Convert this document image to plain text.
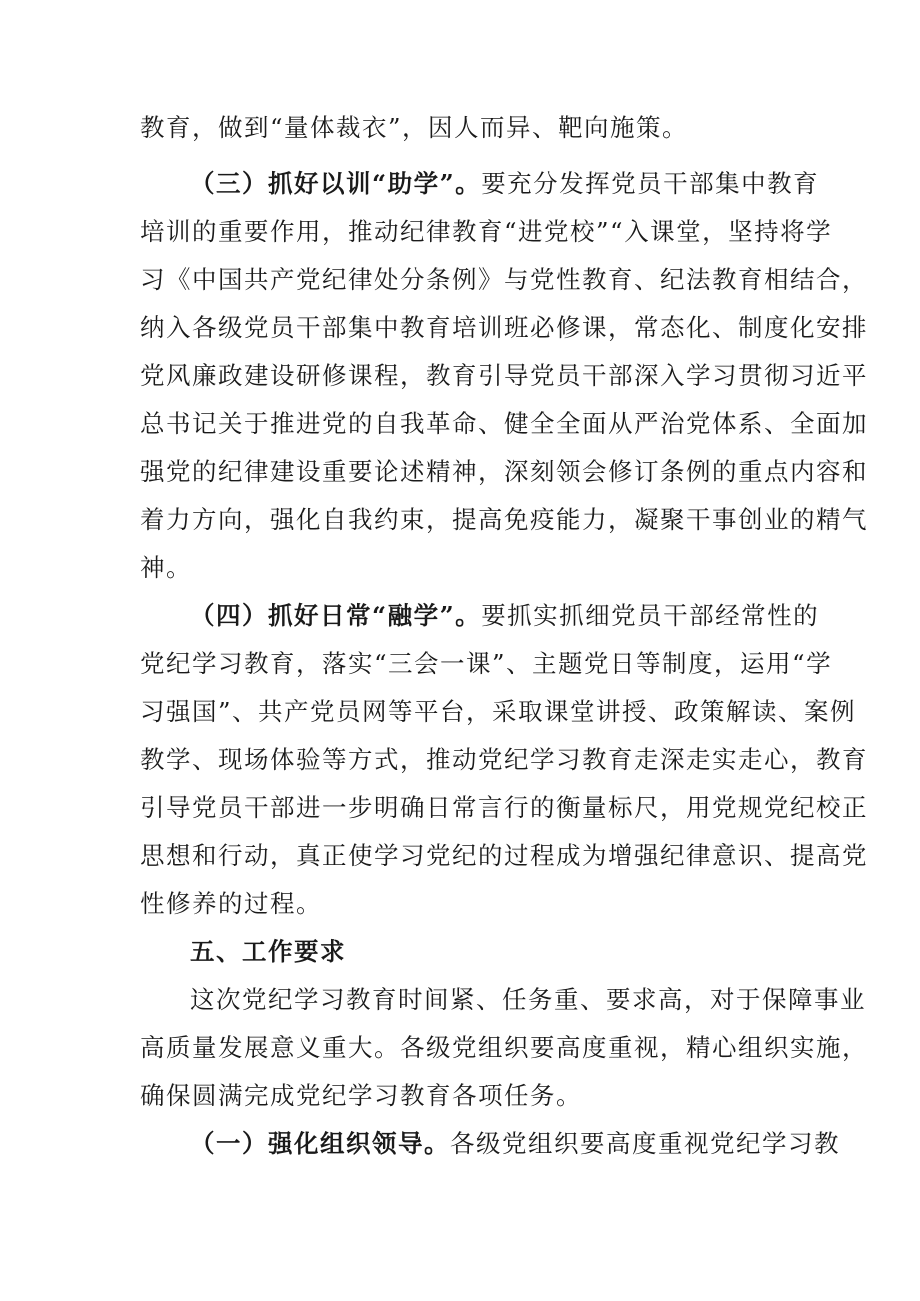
教育，做到“量体裁衣”，因人而异、靶向施策。
（三）抓好以训“助学”。要充分发挥党员干部集中教育
培训的重要作用，推动纪律教育“进党校”“入课堂，坚持将学
习《中国共产党纪律处分条例》与党性教育、纪法教育相结合，
纳入各级党员干部集中教育培训班必修课，常态化、制度化安排
党风廉政建设研修课程，教育引导党员干部深入学习贯彻习近平
总书记关于推进党的自我革命、健全全面从严治党体系、全面加
强党的纪律建设重要论述精神，深刻领会修订条例的重点内容和
着力方向，强化自我约束，提高免疫能力，凝聚干事创业的精气
神。
（四）抓好日常“融学”。要抓实抓细党员干部经常性的
党纪学习教育，落实“三会一课”、主题党日等制度，运用“学
习强国”、共产党员网等平台，采取课堂讲授、政策解读、案例
教学、现场体验等方式，推动党纪学习教育走深走实走心，教育
引导党员干部进一步明确日常言行的衡量标尺，用党规党纪校正
思想和行动，真正使学习党纪的过程成为增强纪律意识、提高党
性修养的过程。
五、工作要求
这次党纪学习教育时间紧、任务重、要求高，对于保障事业
高质量发展意义重大。各级党组织要高度重视，精心组织实施，
确保圆满完成党纪学习教育各项任务。
（一）强化组织领导。各级党组织要高度重视党纪学习教
